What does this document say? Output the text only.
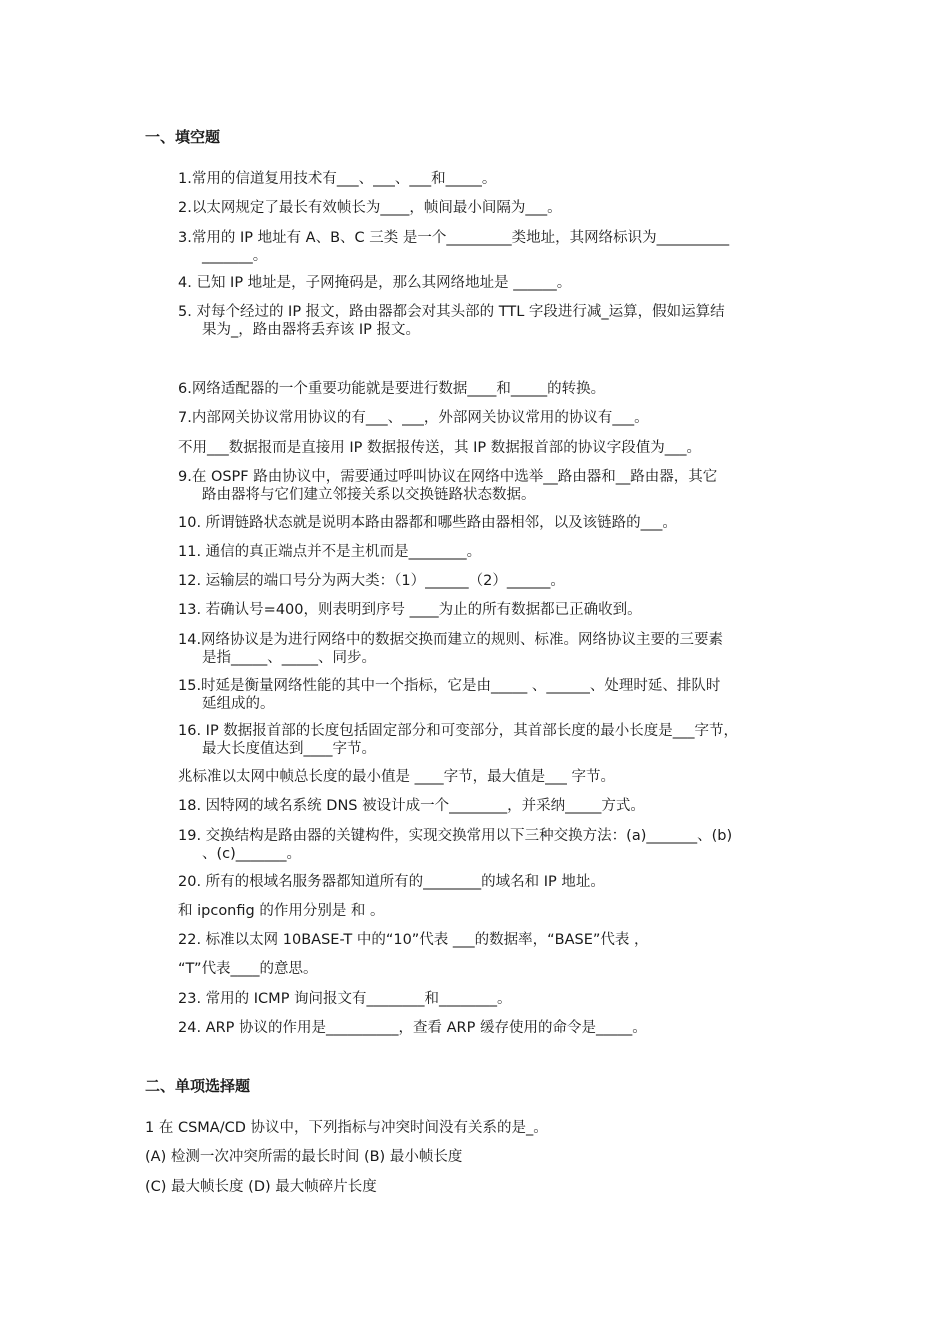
一、填空题
1.常用的信道复用技术有___、___、___和_____。
2.以太网规定了最长有效帧长为____，帧间最小间隔为___。
3.常用的 IP 地址有 A、B、C 三类 是一个_________类地址，其网络标识为__________
_______。
4. 已知 IP 地址是，子网掩码是，那么其网络地址是 ______。
5. 对每个经过的 IP 报文，路由器都会对其头部的 TTL 字段进行减_运算，假如运算结
果为_，路由器将丢弃该 IP 报文。
6.网络适配器的一个重要功能就是要进行数据____和_____的转换。
7.内部网关协议常用协议的有___、___，外部网关协议常用的协议有___。
不用___数据报而是直接用 IP 数据报传送，其 IP 数据报首部的协议字段值为___。
9.在 OSPF 路由协议中，需要通过呼叫协议在网络中选举__路由器和__路由器，其它
路由器将与它们建立邻接关系以交换链路状态数据。
10. 所谓链路状态就是说明本路由器都和哪些路由器相邻，以及该链路的___。
11. 通信的真正端点并不是主机而是________。
12. 运输层的端口号分为两大类：（1）______（2）______。
13. 若确认号=400，则表明到序号 ____为止的所有数据都已正确收到。
14.网络协议是为进行网络中的数据交换而建立的规则、标准。网络协议主要的三要素
是指_____、_____、同步。
15.时延是衡量网络性能的其中一个指标，它是由_____ 、______、处理时延、排队时
延组成的。
16. IP 数据报首部的长度包括固定部分和可变部分，其首部长度的最小长度是___字节，
最大长度值达到____字节。
兆标准以太网中帧总长度的最小值是 ____字节，最大值是___ 字节。
18. 因特网的域名系统 DNS 被设计成一个________，并采纳_____方式。
19. 交换结构是路由器的关键构件，实现交换常用以下三种交换方法：(a)_______、(b)
、(c)_______。
20. 所有的根域名服务器都知道所有的________的域名和 IP 地址。
和 ipconfig 的作用分别是 和 。
22. 标准以太网 10BASE-T 中的“10”代表 ___的数据率，“BASE”代表 ，
“T”代表____的意思。
23. 常用的 ICMP 询问报文有________和________。
24. ARP 协议的作用是__________，查看 ARP 缓存使用的命令是_____。
二、单项选择题
1 在 CSMA/CD 协议中，下列指标与冲突时间没有关系的是_。
(A) 检测一次冲突所需的最长时间 (B) 最小帧长度
(C) 最大帧长度 (D) 最大帧碎片长度
